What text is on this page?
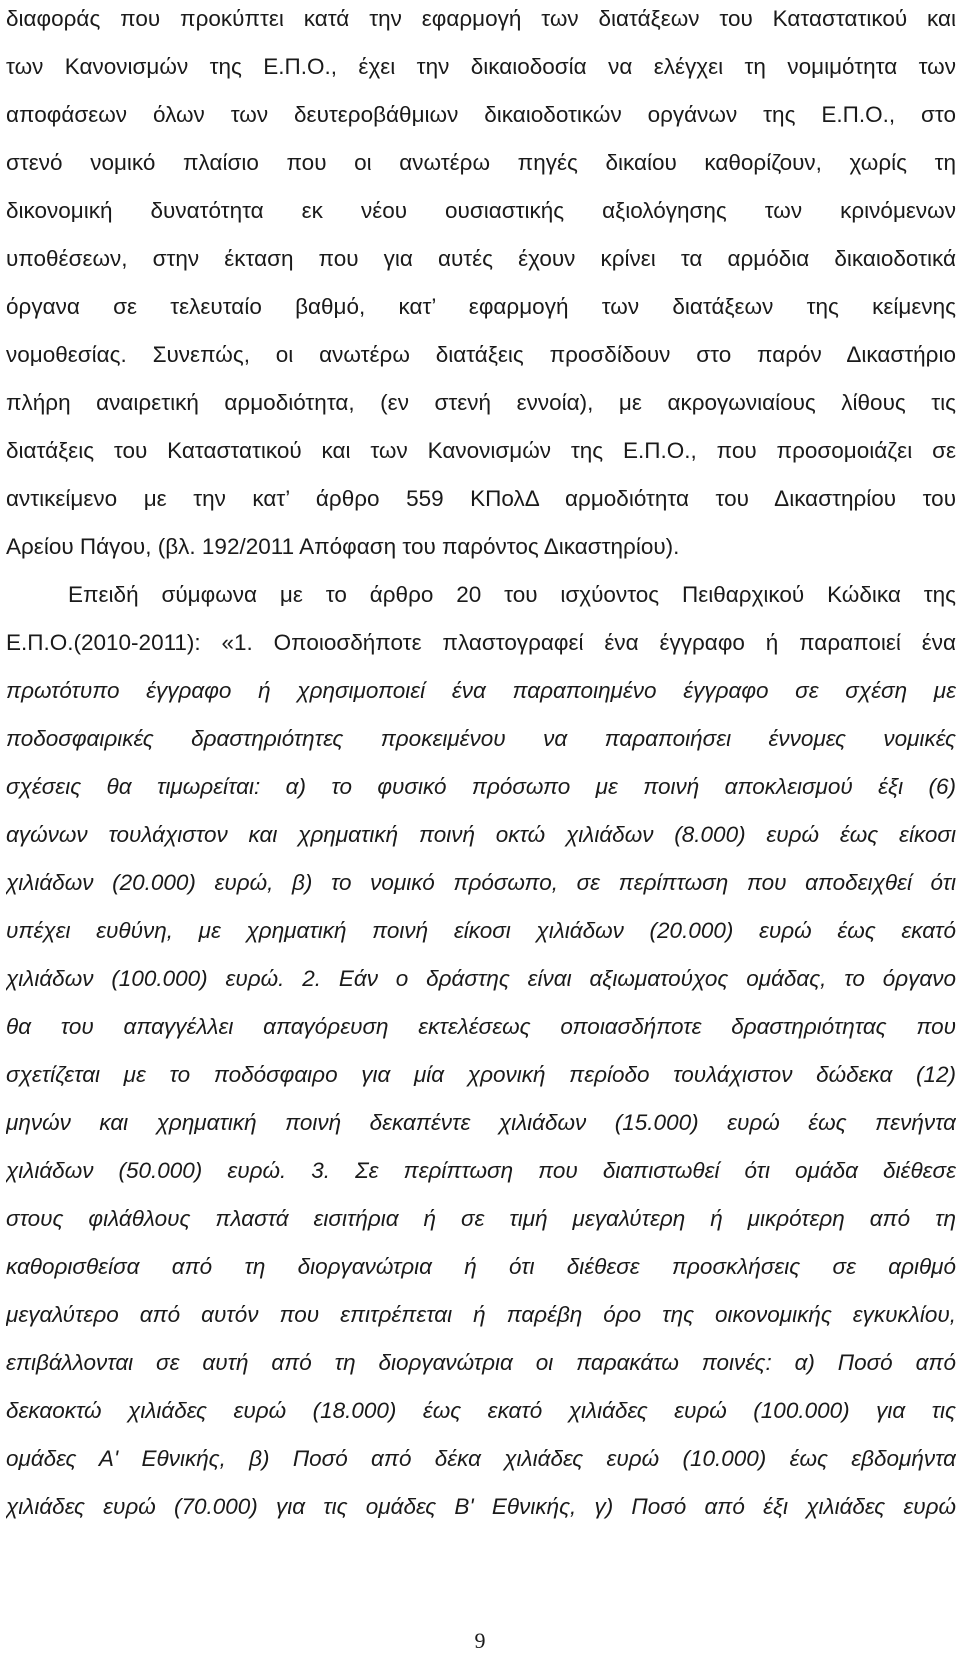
διαφοράς που προκύπτει κατά την εφαρμογή των διατάξεων του Καταστατικού και
των Κανονισμών της Ε.Π.Ο., έχει την δικαιοδοσία να ελέγχει τη νομιμότητα των
αποφάσεων όλων των δευτεροβάθμιων δικαιοδοτικών οργάνων της Ε.Π.Ο., στο
στενό νομικό πλαίσιο που οι ανωτέρω πηγές δικαίου καθορίζουν, χωρίς τη
δικονομική δυνατότητα εκ νέου ουσιαστικής αξιολόγησης των κρινόμενων
υποθέσεων, στην έκταση που για αυτές έχουν κρίνει τα αρμόδια δικαιοδοτικά
όργανα σε τελευταίο βαθμό, κατ’ εφαρμογή των διατάξεων της κείμενης
νομοθεσίας. Συνεπώς, οι ανωτέρω διατάξεις προσδίδουν στο παρόν Δικαστήριο
πλήρη αναιρετική αρμοδιότητα, (εν στενή εννοία), με ακρογωνιαίους λίθους τις
διατάξεις του Καταστατικού και των Κανονισμών της Ε.Π.Ο., που προσομοιάζει σε
αντικείμενο με την κατ’ άρθρο 559 ΚΠολΔ αρμοδιότητα του Δικαστηρίου του
Αρείου Πάγου, (βλ. 192/2011 Απόφαση του παρόντος Δικαστηρίου).
Επειδή σύμφωνα με το άρθρο 20 του ισχύοντος Πειθαρχικού Κώδικα της
Ε.Π.Ο.(2010-2011): «1. Οποιοσδήποτε πλαστογραφεί ένα έγγραφο ή παραποιεί ένα
πρωτότυπο έγγραφο ή χρησιμοποιεί ένα παραποιημένο έγγραφο σε σχέση με
ποδοσφαιρικές δραστηριότητες προκειμένου να παραποιήσει έννομες νομικές
σχέσεις θα τιμωρείται: α) το φυσικό πρόσωπο με ποινή αποκλεισμού έξι (6)
αγώνων τουλάχιστον και χρηματική ποινή οκτώ χιλιάδων (8.000) ευρώ έως είκοσι
χιλιάδων (20.000) ευρώ, β) το νομικό πρόσωπο, σε περίπτωση που αποδειχθεί ότι
υπέχει ευθύνη, με χρηματική ποινή είκοσι χιλιάδων (20.000) ευρώ έως εκατό
χιλιάδων (100.000) ευρώ. 2. Εάν ο δράστης είναι αξιωματούχος ομάδας, το όργανο
θα του απαγγέλλει απαγόρευση εκτελέσεως οποιασδήποτε δραστηριότητας που
σχετίζεται με το ποδόσφαιρο για μία χρονική περίοδο τουλάχιστον δώδεκα (12)
μηνών και χρηματική ποινή δεκαπέντε χιλιάδων (15.000) ευρώ έως πενήντα
χιλιάδων (50.000) ευρώ. 3. Σε περίπτωση που διαπιστωθεί ότι ομάδα διέθεσε
στους φιλάθλους πλαστά εισιτήρια ή σε τιμή μεγαλύτερη ή μικρότερη από τη
καθορισθείσα από τη διοργανώτρια ή ότι διέθεσε προσκλήσεις σε αριθμό
μεγαλύτερο από αυτόν που επιτρέπεται ή παρέβη όρο της οικονομικής εγκυκλίου,
επιβάλλονται σε αυτή από τη διοργανώτρια οι παρακάτω ποινές: α) Ποσό από
δεκαοκτώ χιλιάδες ευρώ (18.000) έως εκατό χιλιάδες ευρώ (100.000) για τις
ομάδες Α' Εθνικής, β) Ποσό από δέκα χιλιάδες ευρώ (10.000) έως εβδομήντα
χιλιάδες ευρώ (70.000) για τις ομάδες Β' Εθνικής, γ) Ποσό από έξι χιλιάδες ευρώ
9
